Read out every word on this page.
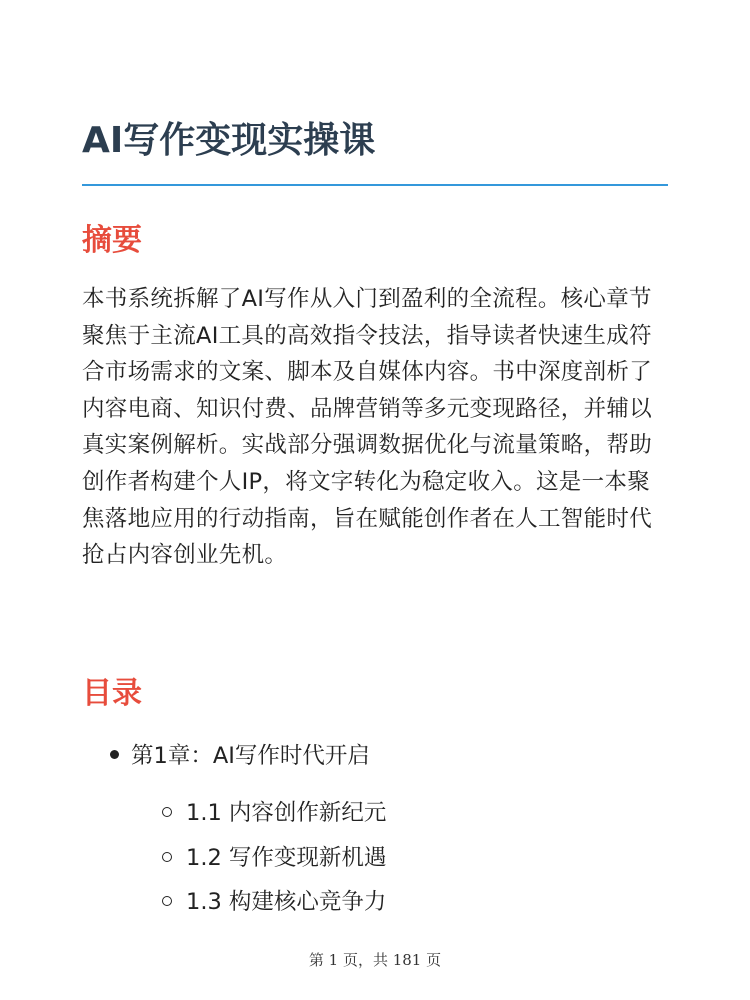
AI写作变现实操课
摘要

本书系统拆解了AI写作从入门到盈利的全流程。核心章节聚焦于主流AI工具的高效指令技法，指导读者快速生成符合市场需求的文案、脚本及自媒体内容。书中深度剖析了内容电商、知识付费、品牌营销等多元变现路径，并辅以真实案例解析。实战部分强调数据优化与流量策略，帮助创作者构建个人IP，将文字转化为稳定收入。这是一本聚焦落地应用的行动指南，旨在赋能创作者在人工智能时代抢占内容创业先机。

目录
第1章：AI写作时代开启
1.1 内容创作新纪元
1.2 写作变现新机遇
1.3 构建核心竞争力
第 1 页，共 181 页
